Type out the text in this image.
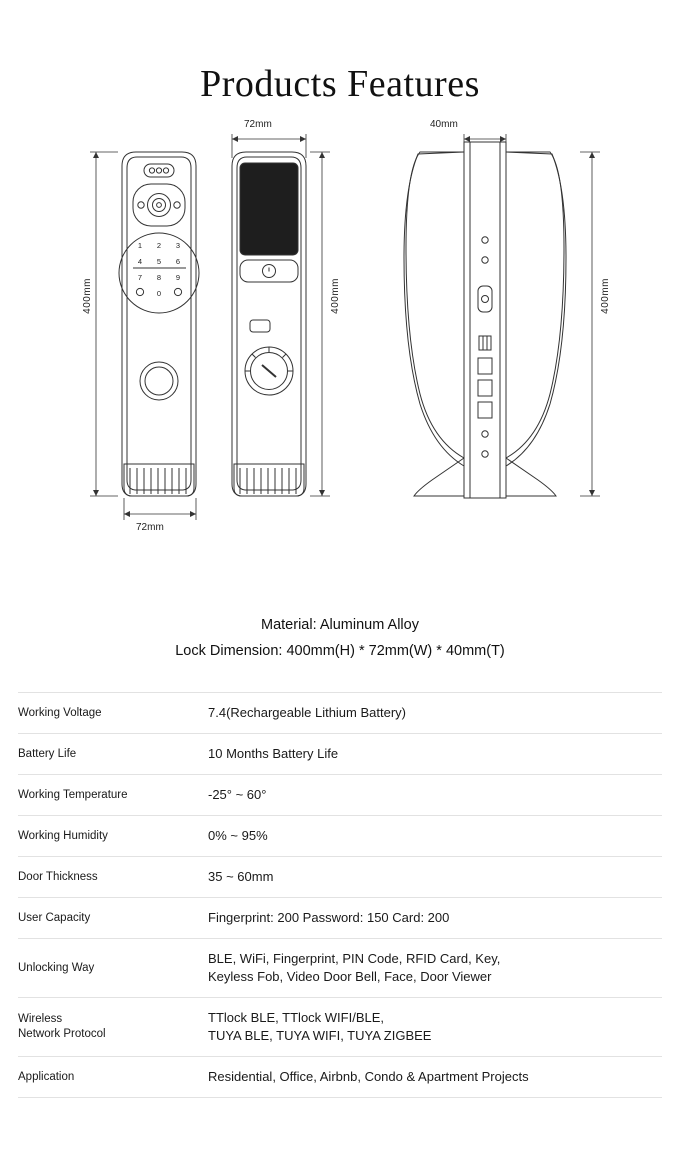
Products Features
1 2 3
4 5 6
7 8 9
0
400mm
72mm
400mm
72mm
40mm
400mm
Material: Aluminum Alloy
Lock Dimension: 400mm(H) * 72mm(W) * 40mm(T)
Working Voltage	7.4(Rechargeable Lithium Battery)
Battery Life	10 Months Battery Life
Working Temperature	-25° ~ 60°
Working Humidity	0% ~ 95%
Door Thickness	35 ~ 60mm
User Capacity	Fingerprint: 200 Password: 150 Card: 200
Unlocking Way	BLE, WiFi, Fingerprint, PIN Code, RFID Card, Key,
Keyless Fob, Video Door Bell, Face, Door Viewer

Wireless
Network Protocol	TTlock BLE, TTlock WIFI/BLE,
TUYA BLE, TUYA WIFI, TUYA ZIGBEE

Application	Residential, Office, Airbnb, Condo & Apartment Projects
